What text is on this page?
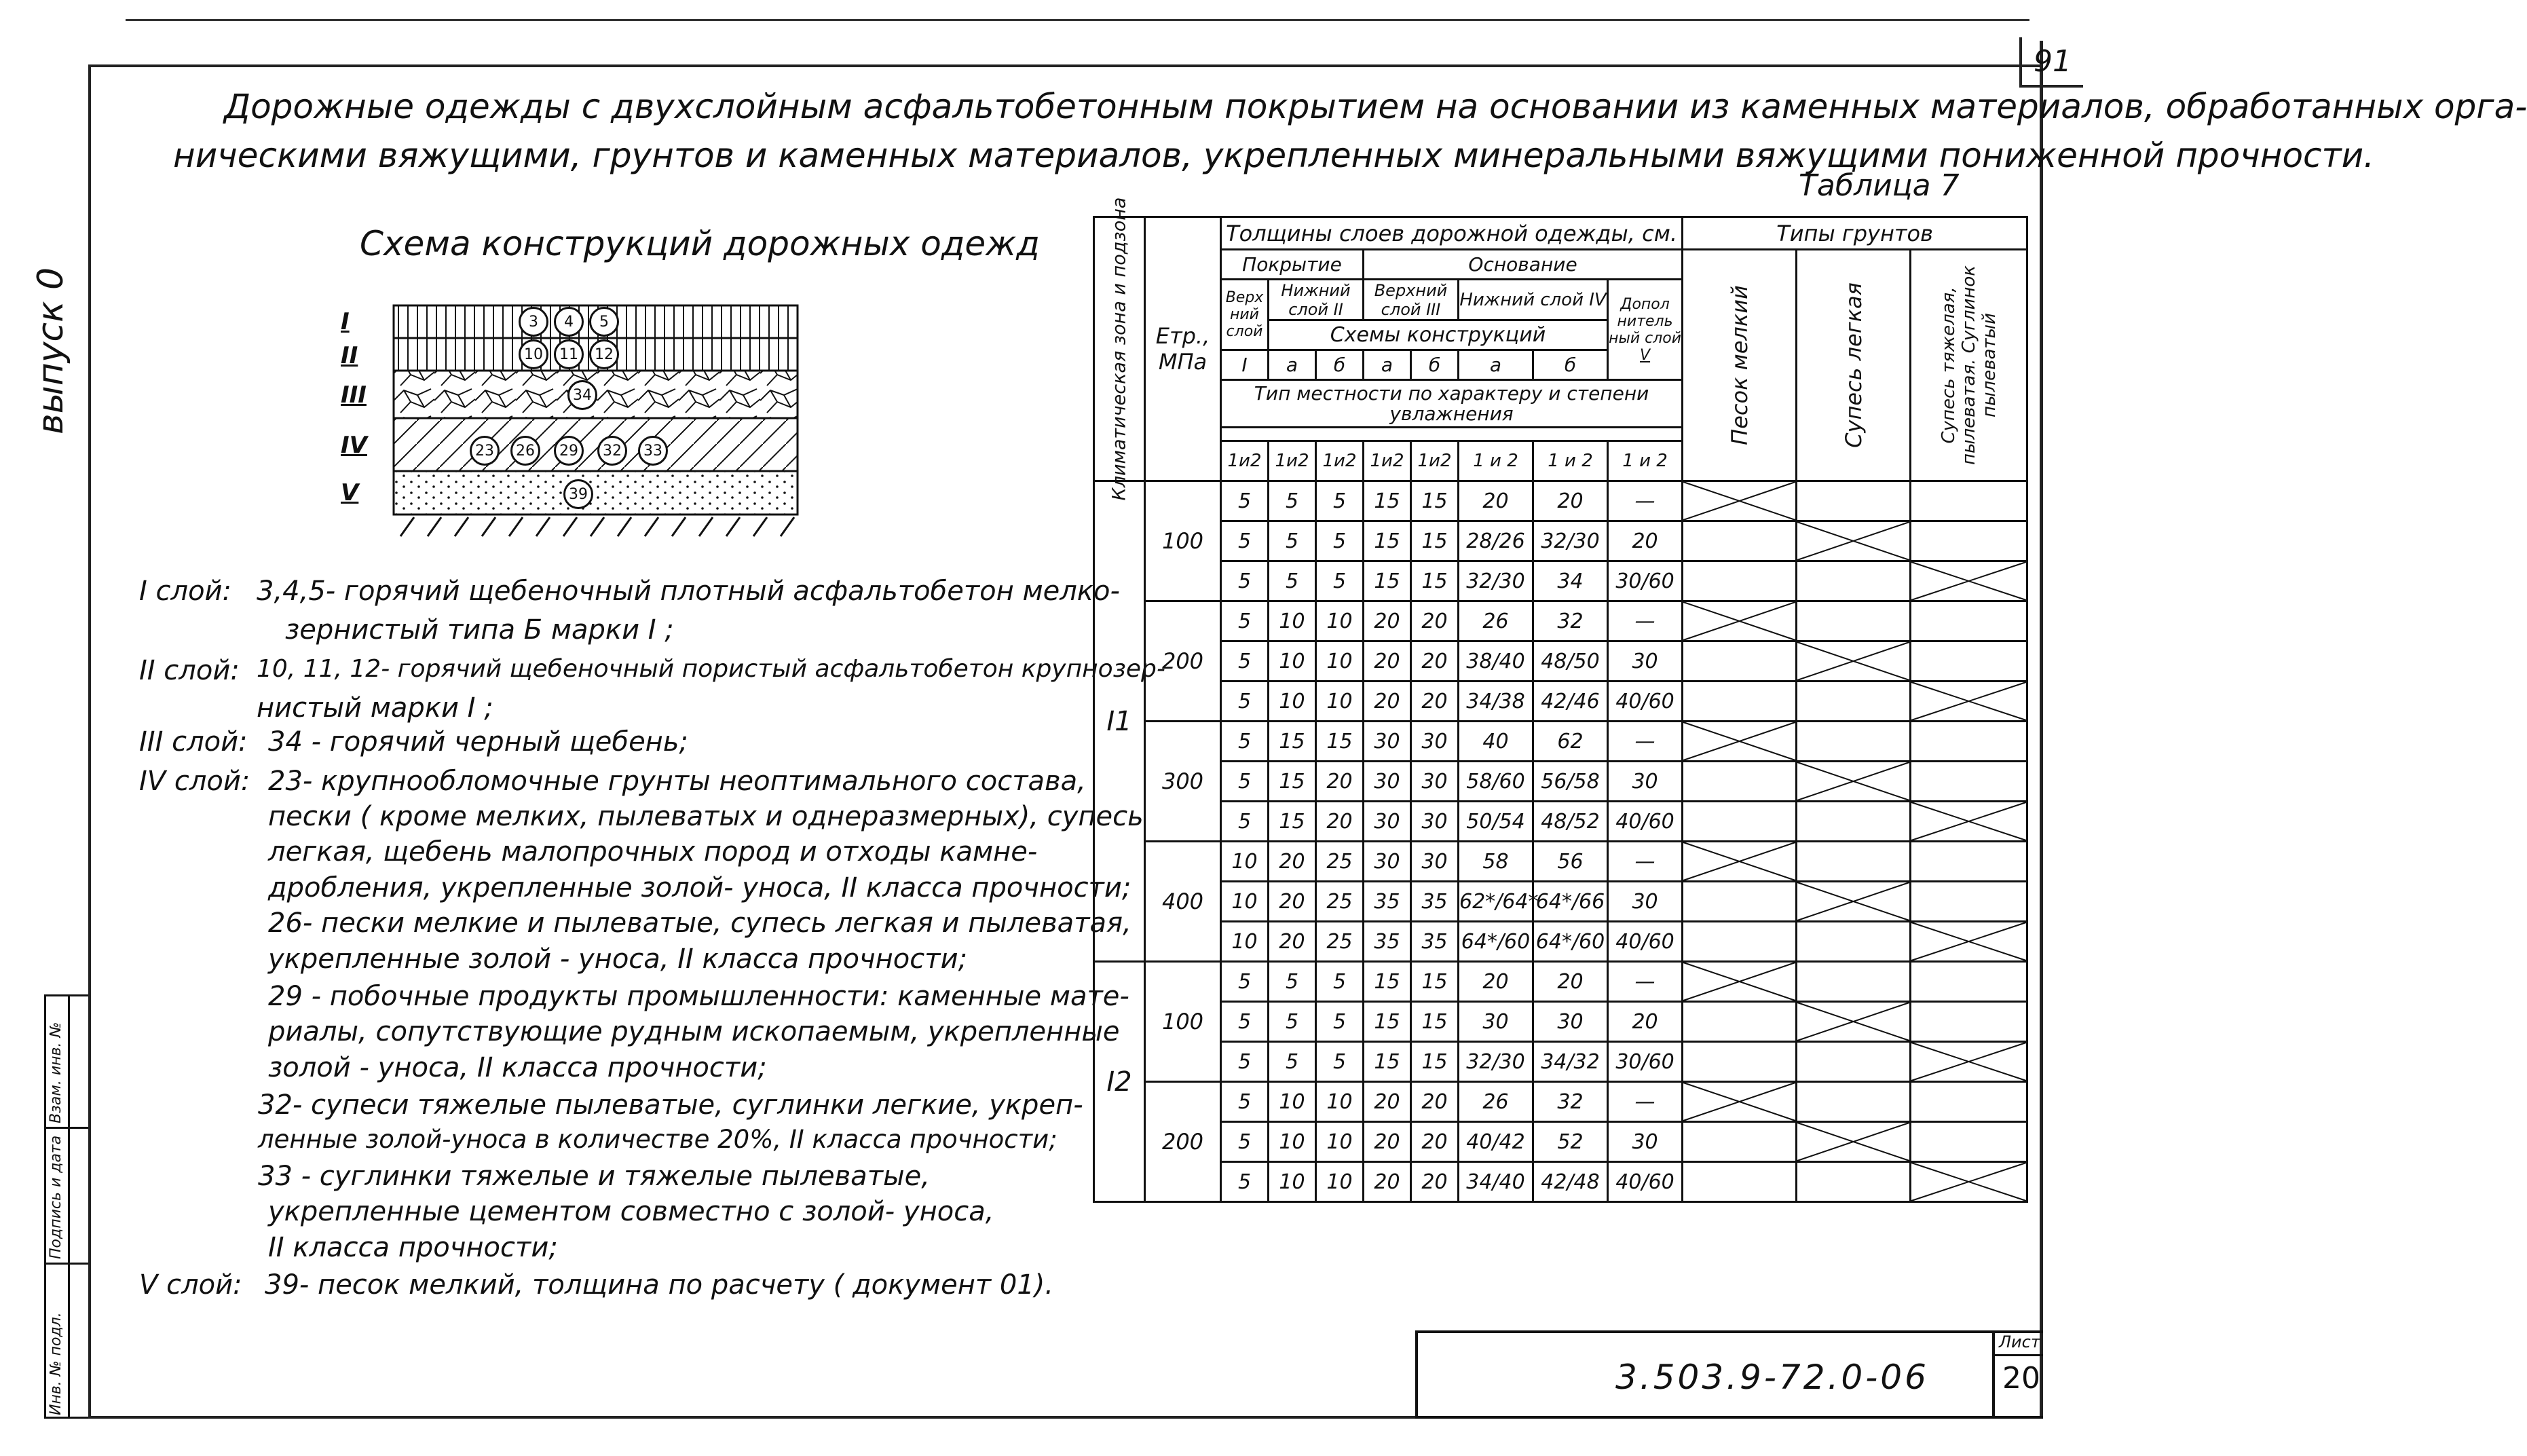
91
выпуск 0
Дорожные одежды с двухслойным асфальтобетонным покрытием на основании из каменных материалов, обработанных орга-
ническими вяжущими, грунтов и каменных материалов, укрепленных минеральными вяжущими пониженной прочности.
Таблица 7
Схема конструкций дорожных одежд
I
II
III
IV
V
3	4	5
10	11	12
34
23	26	29	32	33
39
I слой: 3,4,5- горячий щебеночный плотный асфальтобетон мелко-
зернистый типа Б марки I ;
II слой: 10, 11, 12- горячий щебеночный пористый асфальтобетон крупнозер-
нистый марки I ;
III слой: 34 - горячий черный щебень;
IV слой: 23- крупнообломочные грунты неоптимального состава,
пески ( кроме мелких, пылеватых и однеразмерных), супесь
легкая, щебень малопрочных пород и отходы камне-
дробления, укрепленные золой- уноса, II класса прочности;
26- пески мелкие и пылеватые, супесь легкая и пылеватая,
укрепленные золой - уноса, II класса прочности;
29 - побочные продукты промышленности: каменные мате-
риалы, сопутствующие рудным ископаемым, укрепленные
золой - уноса, II класса прочности;
32- супеси тяжелые пылеватые, суглинки легкие, укреп-
ленные золой-уноса в количестве 20%, II класса прочности;
33 - суглинки тяжелые и тяжелые пылеватые,
укрепленные цементом совместно с золой- уноса,
II класса прочности;
V слой: 39- песок мелкий, толщина по расчету ( документ 01).
Климатическая зона и подзона	Етр., МПа	Толщины слоев дорожной одежды, см.								Типы грунтов		
		Покрытие			Основание					Песок мелкий	Супесь легкая	Супесь тяжелая, пылеватая. Суглинок пылеватый

		Верх ний слой	Нижний слой II		Верхний слой III		Нижний слой IV		Допол нитель ный слой
V			
			Схемы конструкций									
		I	а	б	а	б	а	б				
		Тип местности по характеру и степени увлажнения										

		1и2	1и2	1и2	1и2	1и2	1 и 2	1 и 2	1 и 2			
I1	100	5	5	5	15	15	20	20	—	

		5	5	5	15	15	28/26	32/30	20		

		5	5	5	15	15	32/30	34	30/60			

	200	5	10	10	20	20	26	32	—	

		5	10	10	20	20	38/40	48/50	30		

		5	10	10	20	20	34/38	42/46	40/60			

	300	5	15	15	30	30	40	62	—	

		5	15	20	30	30	58/60	56/58	30		

		5	15	20	30	30	50/54	48/52	40/60			

	400	10	20	25	30	30	58	56	—	

		10	20	25	35	35	62*/64*	64*/66	30		

		10	20	25	35	35	64*/60	64*/60	40/60			

I2	100	5	5	5	15	15	20	20	—	

		5	5	5	15	15	30	30	20		

		5	5	5	15	15	32/30	34/32	30/60			

	200	5	10	10	20	20	26	32	—	

		5	10	10	20	20	40/42	52	30		

		5	10	10	20	20	34/40	42/48	40/60			
3.503.9-72.0-06
Лист
20
Взам. инв. №
Подпись и дата
Инв. № подл.
